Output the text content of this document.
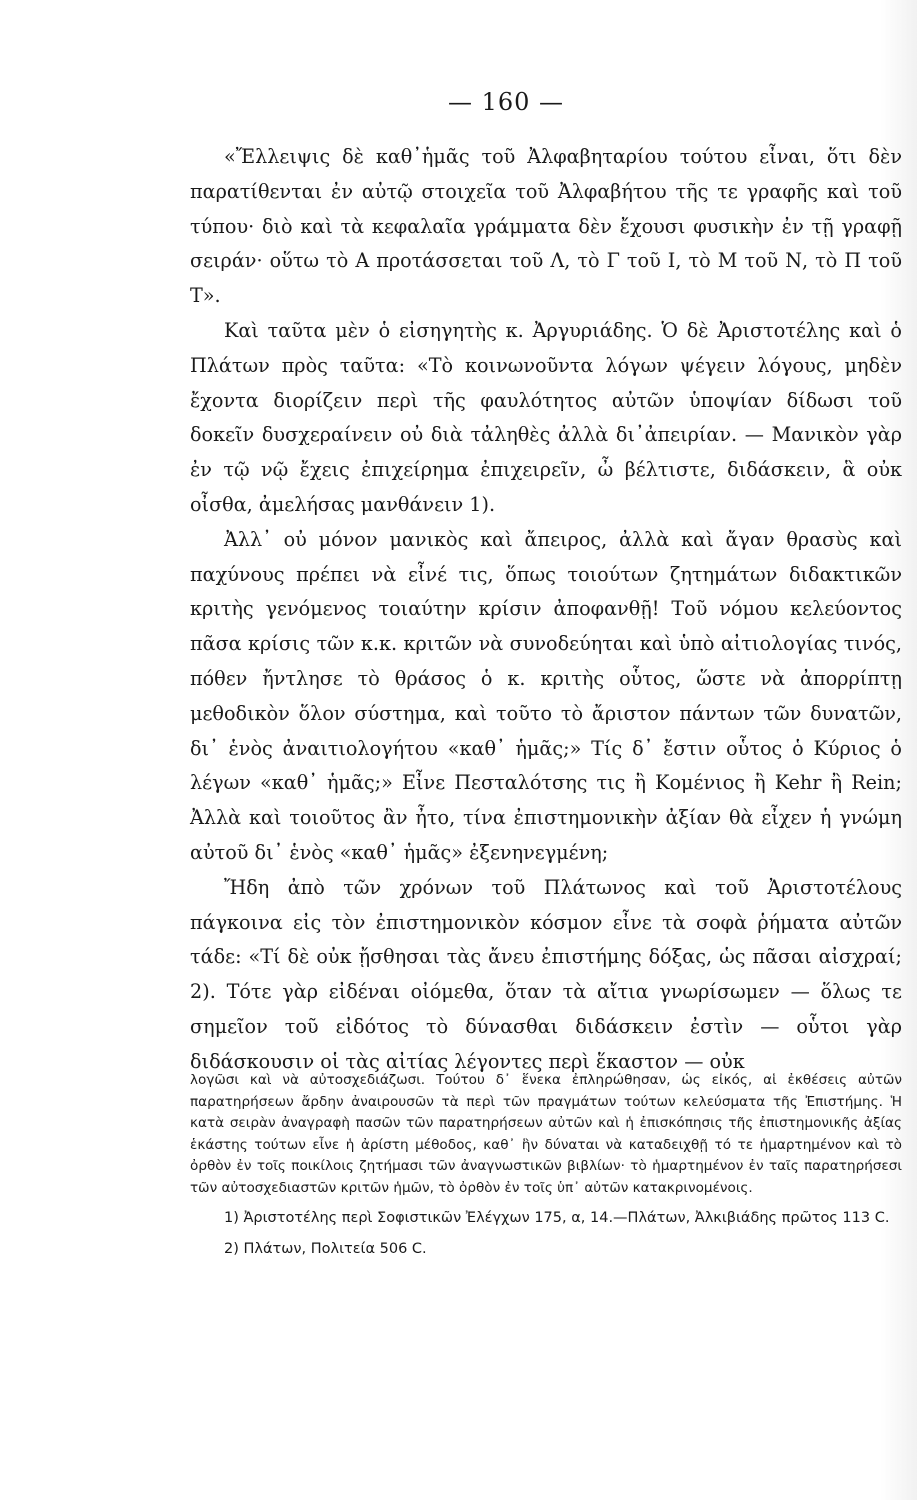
— 160 —

«Ἔλλειψις δὲ καθ᾽ἡμᾶς τοῦ Ἀλφαβηταρίου τούτου εἶναι, ὅτι δὲν παρατίθενται ἐν αὐτῷ στοιχεῖα τοῦ Ἀλφαβήτου τῆς τε γραφῆς καὶ τοῦ τύπου· διὸ καὶ τὰ κεφαλαῖα γράμματα δὲν ἔχουσι φυσικὴν ἐν τῇ γραφῇ σειράν· οὕτω τὸ Α προτάσσεται τοῦ Λ, τὸ Γ τοῦ Ι, τὸ Μ τοῦ Ν, τὸ Π τοῦ Τ».

Καὶ ταῦτα μὲν ὁ εἰσηγητὴς κ. Ἀργυριάδης. Ὁ δὲ Ἀριστοτέλης καὶ ὁ Πλάτων πρὸς ταῦτα: «Τὸ κοινωνοῦντα λόγων ψέγειν λόγους, μηδὲν ἔχοντα διορίζειν περὶ τῆς φαυλότητος αὐτῶν ὑποψίαν δίδωσι τοῦ δοκεῖν δυσχεραίνειν οὐ διὰ τἀληθὲς ἀλλὰ δι᾽ἀπειρίαν. — Μανικὸν γὰρ ἐν τῷ νῷ ἔχεις ἐπιχείρημα ἐπιχειρεῖν, ὦ βέλτιστε, διδάσκειν, ἃ οὐκ οἶσθα, ἀμελήσας μανθάνειν 1).

Ἀλλ᾽ οὐ μόνον μανικὸς καὶ ἄπειρος, ἀλλὰ καὶ ἄγαν θρασὺς καὶ παχύνους πρέπει νὰ εἶνέ τις, ὅπως τοιούτων ζητημάτων διδακτικῶν κριτὴς γενόμενος τοιαύτην κρίσιν ἀποφανθῇ! Τοῦ νόμου κελεύοντος πᾶσα κρίσις τῶν κ.κ. κριτῶν νὰ συνοδεύηται καὶ ὑπὸ αἰτιολογίας τινός, πόθεν ἤντλησε τὸ θράσος ὁ κ. κριτὴς οὗτος, ὥστε νὰ ἀπορρίπτῃ μεθοδικὸν ὅλον σύστημα, καὶ τοῦτο τὸ ἄριστον πάντων τῶν δυνατῶν, δι᾽ ἑνὸς ἀναιτιολογήτου «καθ᾽ ἡμᾶς;» Τίς δ᾽ ἔστιν οὗτος ὁ Κύριος ὁ λέγων «καθ᾽ ἡμᾶς;» Εἶνε Πεσταλότσης τις ἢ Κομένιος ἢ Kehr ἢ Rein; Ἀλλὰ καὶ τοιοῦτος ἂν ἦτο, τίνα ἐπιστημονικὴν ἀξίαν θὰ εἶχεν ἡ γνώμη αὐτοῦ δι᾽ ἑνὸς «καθ᾽ ἡμᾶς» ἐξενηνεγμένη;

Ἤδη ἀπὸ τῶν χρόνων τοῦ Πλάτωνος καὶ τοῦ Ἀριστοτέλους πάγκοινα εἰς τὸν ἐπιστημονικὸν κόσμον εἶνε τὰ σοφὰ ῥήματα αὐτῶν τάδε: «Τί δὲ οὐκ ᾔσθησαι τὰς ἄνευ ἐπιστήμης δόξας, ὡς πᾶσαι αἰσχραί; 2). Τότε γὰρ εἰδέναι οἰόμεθα, ὅταν τὰ αἴτια γνωρίσωμεν — ὅλως τε σημεῖον τοῦ εἰδότος τὸ δύνασθαι διδάσκειν ἐστὶν — οὗτοι γὰρ διδάσκουσιν οἱ τὰς αἰτίας λέγοντες περὶ ἕκαστον — οὐκ

λογῶσι καὶ νὰ αὐτοσχεδιάζωσι. Τούτου δ᾽ ἕνεκα ἐπληρώθησαν, ὡς εἰκός, αἱ ἐκθέσεις αὐτῶν παρατηρήσεων ἄρδην ἀναιρουσῶν τὰ περὶ τῶν πραγμάτων τούτων κελεύσματα τῆς Ἐπιστήμης. Ἡ κατὰ σειρὰν ἀναγραφὴ πασῶν τῶν παρατηρήσεων αὐτῶν καὶ ἡ ἐπισκόπησις τῆς ἐπιστημονικῆς ἀξίας ἑκάστης τούτων εἶνε ἡ ἀρίστη μέθοδος, καθ᾽ ἣν δύναται νὰ καταδειχθῇ τό τε ἡμαρτημένον καὶ τὸ ὀρθὸν ἐν τοῖς ποικίλοις ζητήμασι τῶν ἀναγνωστικῶν βιβλίων· τὸ ἡμαρτημένον ἐν ταῖς παρατηρήσεσι τῶν αὐτοσχεδιαστῶν κριτῶν ἡμῶν, τὸ ὀρθὸν ἐν τοῖς ὑπ᾽ αὐτῶν κατακρινομένοις.

1) Ἀριστοτέλης περὶ Σοφιστικῶν Ἐλέγχων 175, α, 14.—Πλάτων, Ἀλκιβιάδης πρῶτος 113 C.

2) Πλάτων, Πολιτεία 506 C.
